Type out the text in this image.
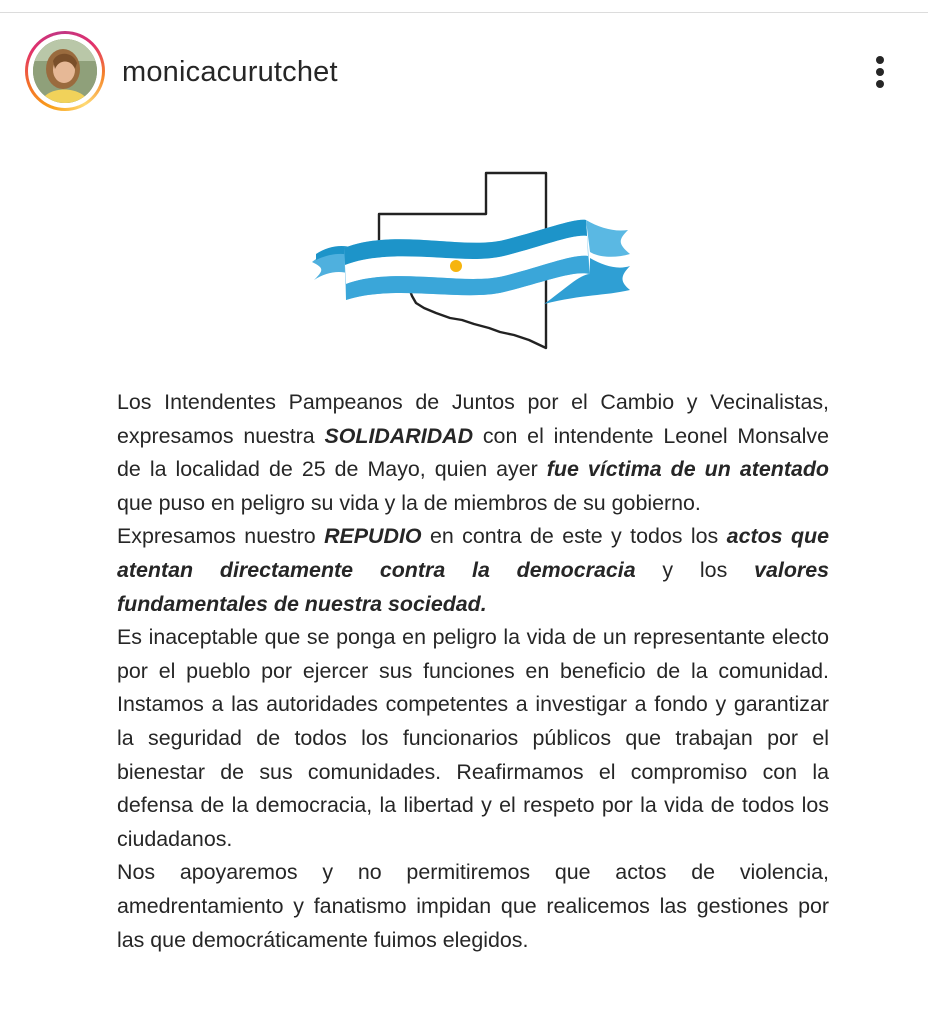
monicacurutchet

Los Intendentes Pampeanos de Juntos por el Cambio y Vecinalistas, expresamos nuestra SOLIDARIDAD con el intendente Leonel Monsalve de la localidad de 25 de Mayo, quien ayer fue víctima de un atentado que puso en peligro su vida y la de miembros de su gobierno.

Expresamos nuestro REPUDIO en contra de este y todos los actos que atentan directamente contra la democracia y los valores fundamentales de nuestra sociedad.

Es inaceptable que se ponga en peligro la vida de un representante electo por el pueblo por ejercer sus funciones en beneficio de la comunidad. Instamos a las autoridades competentes a investigar a fondo y garantizar la seguridad de todos los funcionarios públicos que trabajan por el bienestar de sus comunidades. Reafirmamos el compromiso con la defensa de la democracia, la libertad y el respeto por la vida de todos los ciudadanos.

Nos apoyaremos y no permitiremos que actos de violencia, amedrentamiento y fanatismo impidan que realicemos las gestiones por las que democráticamente fuimos elegidos.
